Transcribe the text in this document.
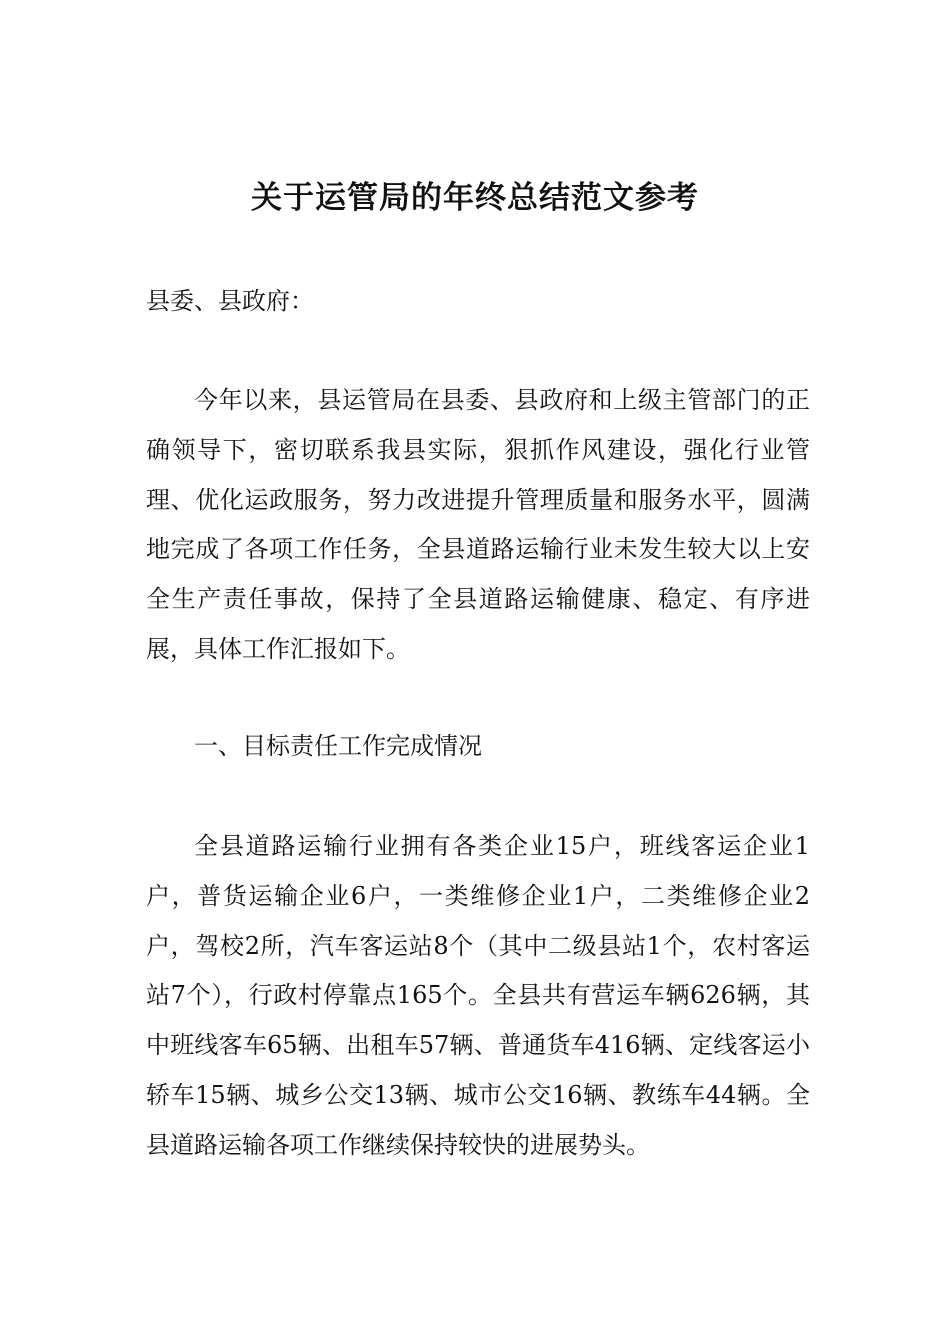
关于运管局的年终总结范文参考

县委、县政府：

今年以来，县运管局在县委、县政府和上级主管部门的正确领导下，密切联系我县实际，狠抓作风建设，强化行业管理、优化运政服务，努力改进提升管理质量和服务水平，圆满地完成了各项工作任务，全县道路运输行业未发生较大以上安全生产责任事故，保持了全县道路运输健康、稳定、有序进展，具体工作汇报如下。

一、目标责任工作完成情况

全县道路运输行业拥有各类企业15户，班线客运企业1户，普货运输企业6户，一类维修企业1户，二类维修企业2户，驾校2所，汽车客运站8个（其中二级县站1个，农村客运站7个），行政村停靠点165个。全县共有营运车辆626辆，其中班线客车65辆、出租车57辆、普通货车416辆、定线客运小轿车15辆、城乡公交13辆、城市公交16辆、教练车44辆。全县道路运输各项工作继续保持较快的进展势头。
